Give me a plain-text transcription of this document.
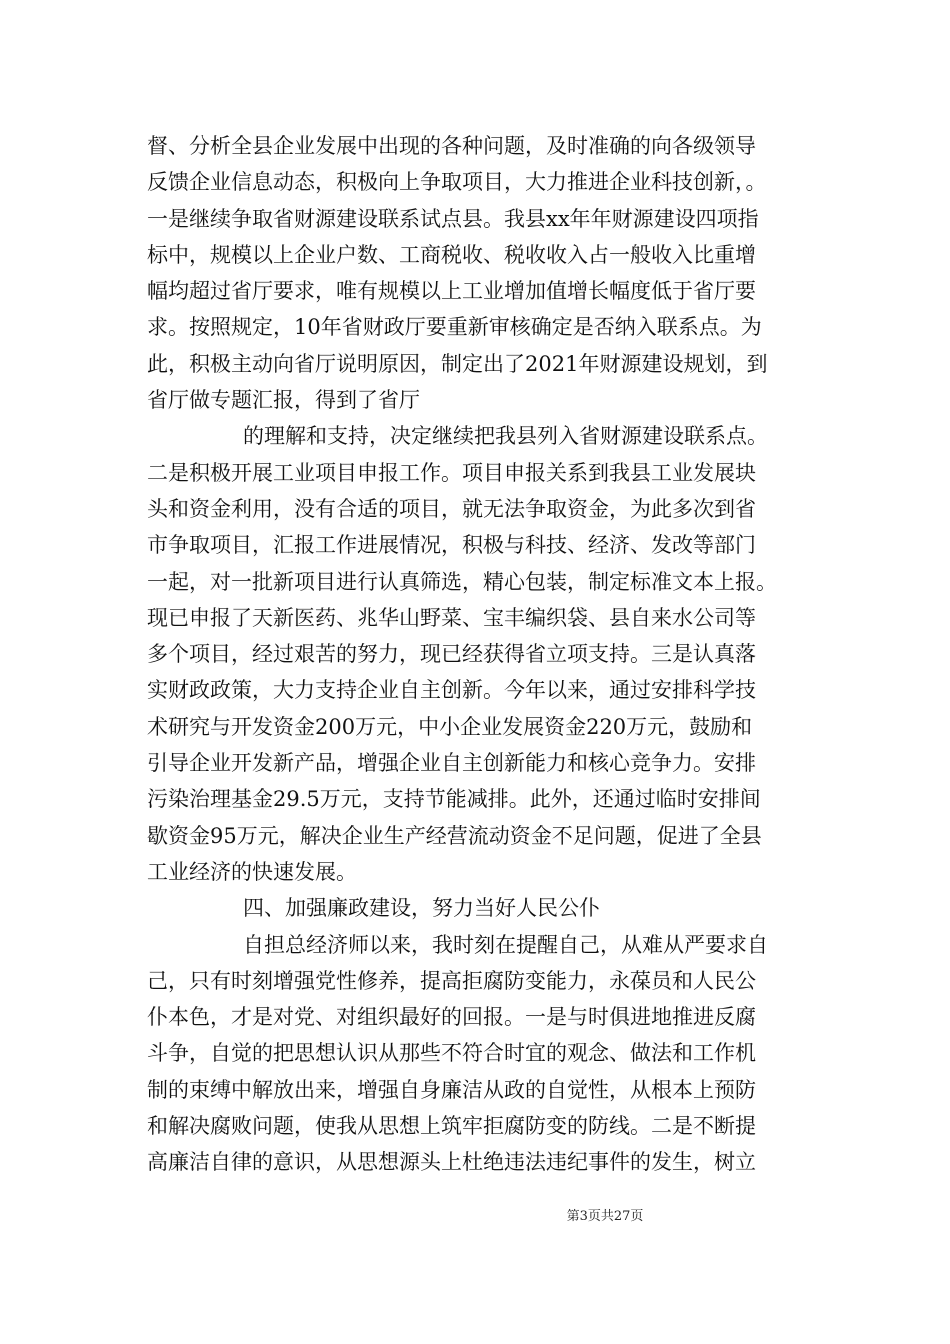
督、分析全县企业发展中出现的各种问题，及时准确的向各级领导
反馈企业信息动态，积极向上争取项目，大力推进企业科技创新，。
一是继续争取省财源建设联系试点县。我县xx年年财源建设四项指
标中，规模以上企业户数、工商税收、税收收入占一般收入比重增
幅均超过省厅要求，唯有规模以上工业增加值增长幅度低于省厅要
求。按照规定，10年省财政厅要重新审核确定是否纳入联系点。为
此，积极主动向省厅说明原因，制定出了2021年财源建设规划，到
省厅做专题汇报，得到了省厅
的理解和支持，决定继续把我县列入省财源建设联系点。
二是积极开展工业项目申报工作。项目申报关系到我县工业发展块
头和资金利用，没有合适的项目，就无法争取资金，为此多次到省
市争取项目，汇报工作进展情况，积极与科技、经济、发改等部门
一起，对一批新项目进行认真筛选，精心包装，制定标准文本上报。
现已申报了天新医药、兆华山野菜、宝丰编织袋、县自来水公司等
多个项目，经过艰苦的努力，现已经获得省立项支持。三是认真落
实财政政策，大力支持企业自主创新。今年以来，通过安排科学技
术研究与开发资金200万元，中小企业发展资金220万元，鼓励和
引导企业开发新产品，增强企业自主创新能力和核心竞争力。安排
污染治理基金29.5万元，支持节能减排。此外，还通过临时安排间
歇资金95万元，解决企业生产经营流动资金不足问题，促进了全县
工业经济的快速发展。
四、加强廉政建设，努力当好人民公仆
自担总经济师以来，我时刻在提醒自己，从难从严要求自
己，只有时刻增强党性修养，提高拒腐防变能力，永葆员和人民公
仆本色，才是对党、对组织最好的回报。一是与时俱进地推进反腐
斗争，自觉的把思想认识从那些不符合时宜的观念、做法和工作机
制的束缚中解放出来，增强自身廉洁从政的自觉性，从根本上预防
和解决腐败问题，使我从思想上筑牢拒腐防变的防线。二是不断提
高廉洁自律的意识，从思想源头上杜绝违法违纪事件的发生，树立
第3页共27页
